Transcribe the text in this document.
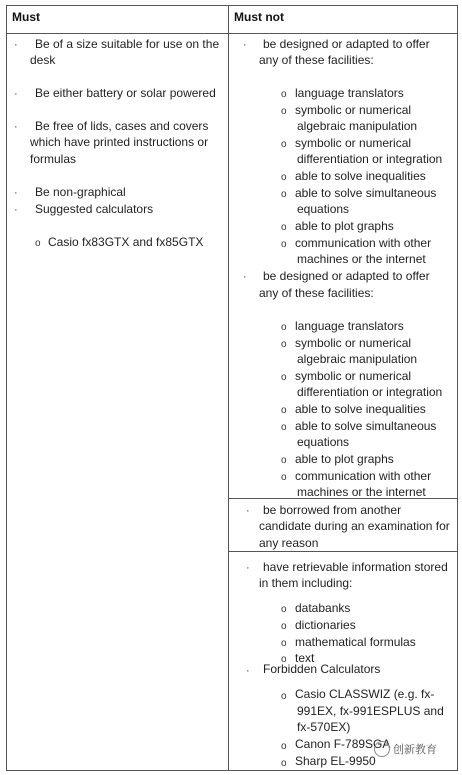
Must	Must not
· Be of a size suitable for use on the
desk
· Be either battery or solar powered
· Be free of lids, cases and covers
which have printed instructions or
formulas
· Be non-graphical
· Suggested calculators
o Casio fx83GTX and fx85GTX
· be designed or adapted to offer
any of these facilities:
o language translators
o symbolic or numerical
algebraic manipulation
o symbolic or numerical
differentiation or integration
o able to solve inequalities
o able to solve simultaneous
equations
o able to plot graphs
o communication with other
machines or the internet
· be designed or adapted to offer
any of these facilities:
o language translators
o symbolic or numerical
algebraic manipulation
o symbolic or numerical
differentiation or integration
o able to solve inequalities
o able to solve simultaneous
equations
o able to plot graphs
o communication with other
machines or the internet
· be borrowed from another
candidate during an examination for
any reason
· have retrievable information stored
in them including:
o databanks
o dictionaries
o mathematical formulas
o text
· Forbidden Calculators
o Casio CLASSWIZ (e.g. fx-
991EX, fx-991ESPLUS and
fx-570EX)
o Canon F-789SGA
o Sharp EL-9950
创新教育
